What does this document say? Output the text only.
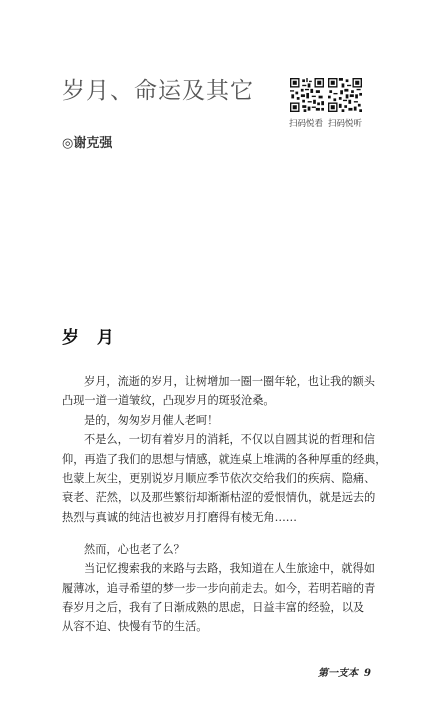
岁月、命运及其它
扫码悦看 扫码悦听
◎谢克强
岁 月
岁月，流逝的岁月，让树增加一圈一圈年轮，也让我的额头
凸现一道一道皱纹，凸现岁月的斑驳沧桑。
是的，匆匆岁月催人老呵！
不是么，一切有着岁月的消耗，不仅以自圆其说的哲理和信
仰，再造了我们的思想与情感，就连桌上堆满的各种厚重的经典，
也蒙上灰尘，更别说岁月顺应季节依次交给我们的疾病、隐痛、
衰老、茫然，以及那些繁衍却渐渐枯涩的爱恨情仇，就是远去的
热烈与真诚的纯洁也被岁月打磨得有棱无角……
然而，心也老了么？
当记忆搜索我的来路与去路，我知道在人生旅途中，就得如
履薄冰，追寻希望的梦一步一步向前走去。如今，若明若暗的青
春岁月之后，我有了日渐成熟的思虑，日益丰富的经验，以及
从容不迫、快慢有节的生活。
第一支本 9
